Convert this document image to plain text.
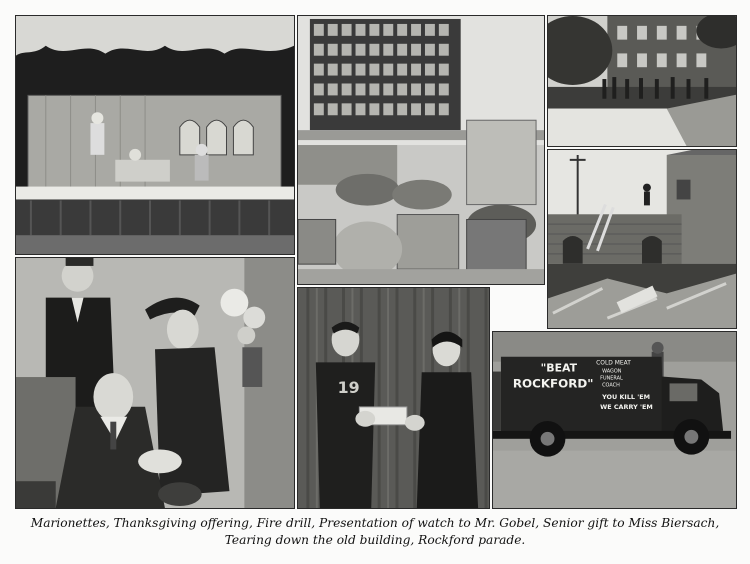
19
"BEAT
ROCKFORD"
COLD MEAT
WAGON
FUNERAL
COACH
YOU KILL 'EM
WE CARRY 'EM
Marionettes, Thanksgiving offering, Fire drill, Presentation of watch to Mr. Gobel, Senior gift to Miss Biersach,
Tearing down the old building, Rockford parade.
